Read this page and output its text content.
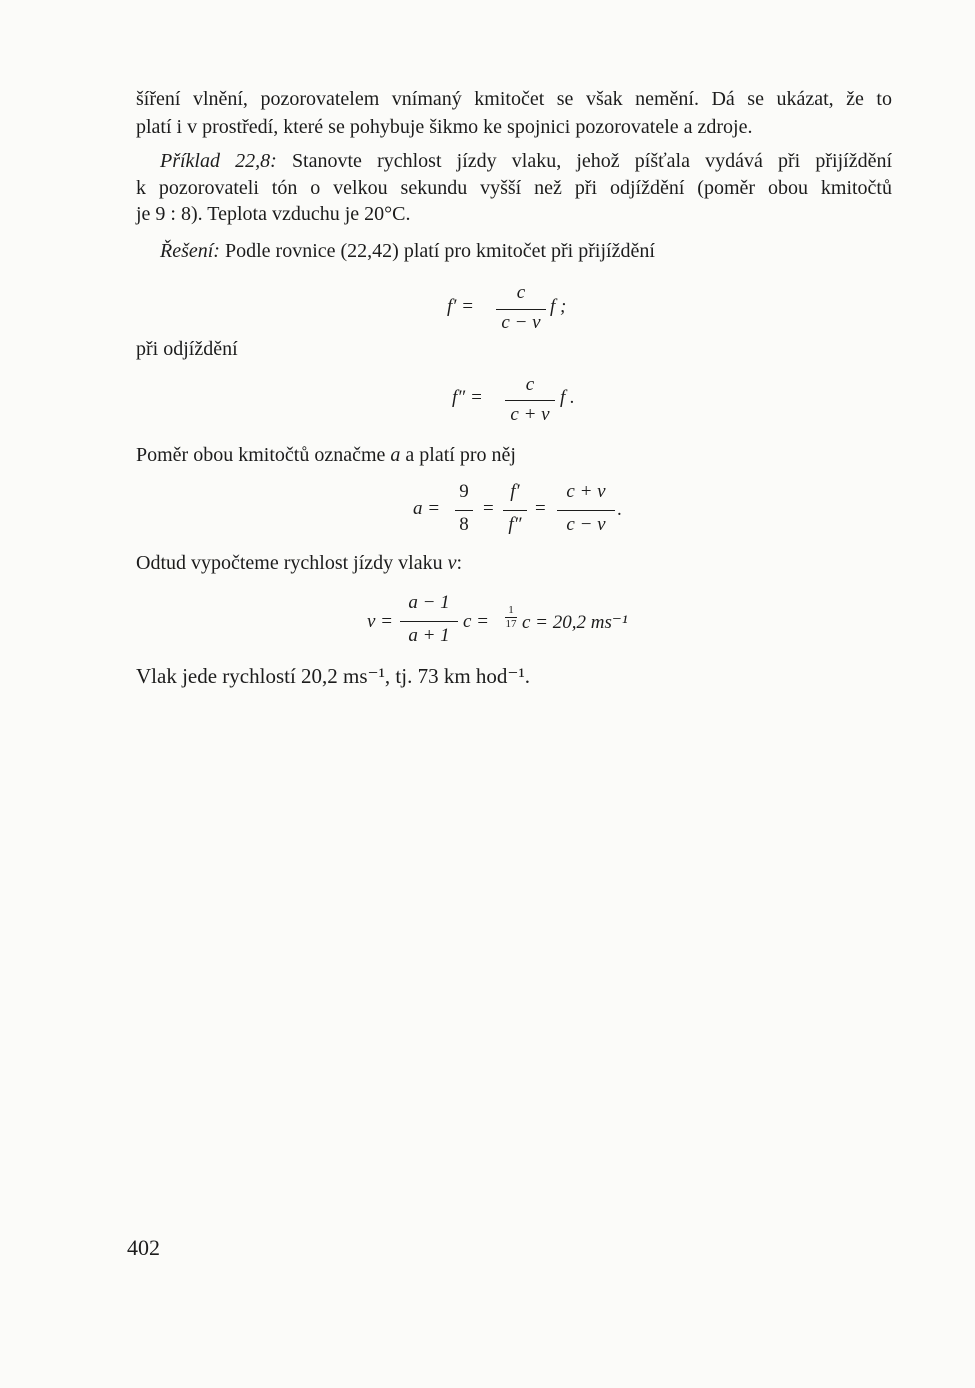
šíření vlnění, pozorovatelem vnímaný kmitočet se však nemění. Dá se ukázat, že to
platí i v prostředí, které se pohybuje šikmo ke spojnici pozorovatele a zdroje.
Příklad 22,8: Stanovte rychlost jízdy vlaku, jehož píšťala vydává při přijíždění
k pozorovateli tón o velkou sekundu vyšší než při odjíždění (poměr obou kmitočtů
je 9 : 8). Teplota vzduchu je 20°C.
Řešení: Podle rovnice (22,42) platí pro kmitočet při přijíždění
f′ =
c
c − v
f ;
při odjíždění
f″ =
c
c + v
f .
Poměr obou kmitočtů označme a a platí pro něj
a =
9
8
=
f′
f″
=
c + v
c − v
.
Odtud vypočteme rychlost jízdy vlaku v:
v =
a − 1
a + 1
c =
1
17 c = 20,2 ms⁻¹
Vlak jede rychlostí 20,2 ms⁻¹, tj. 73 km hod⁻¹.
402
